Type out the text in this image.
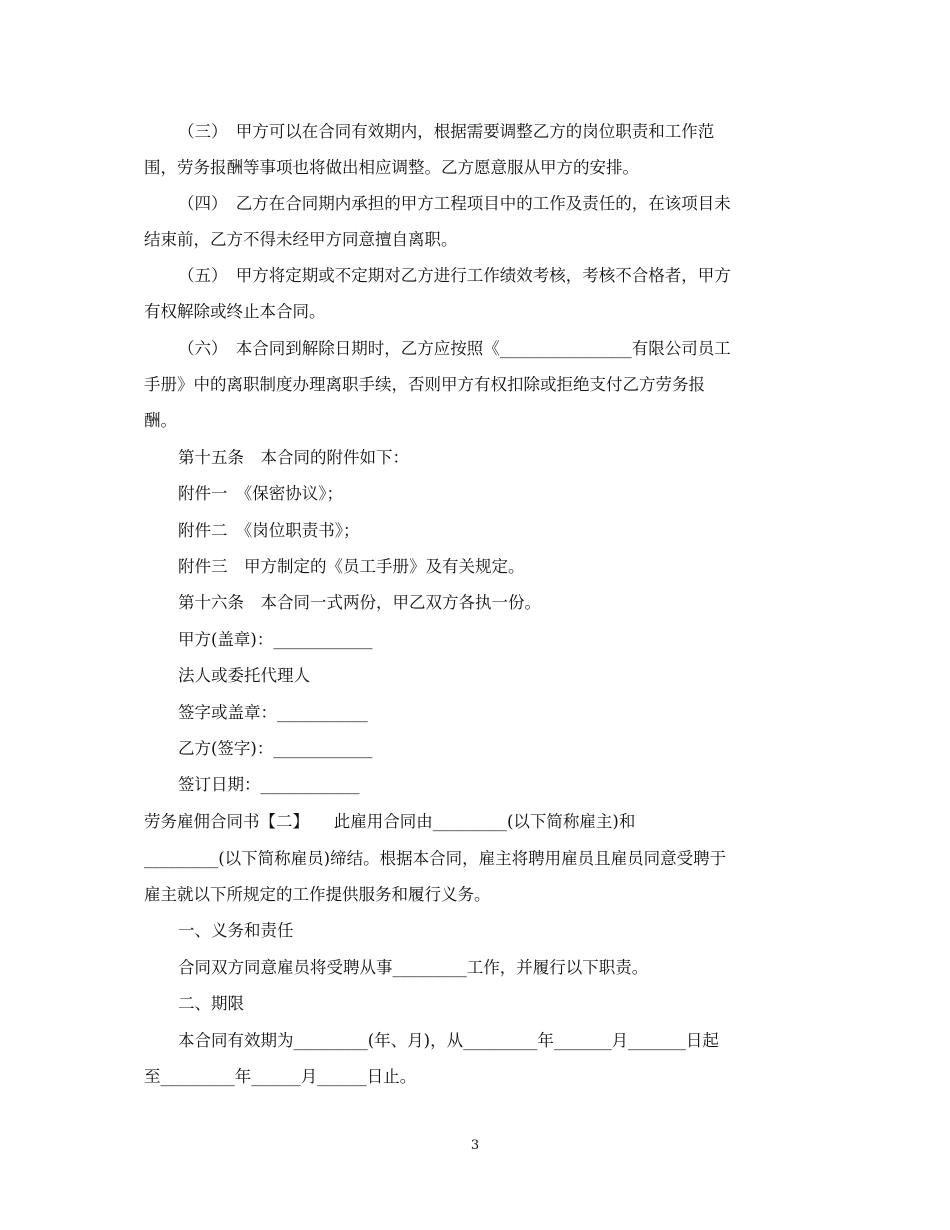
（三）　甲方可以在合同有效期内，根据需要调整乙方的岗位职责和工作范
围，劳务报酬等事项也将做出相应调整。乙方愿意服从甲方的安排。
（四）　乙方在合同期内承担的甲方工程项目中的工作及责任的，在该项目未
结束前，乙方不得未经甲方同意擅自离职。
（五）　甲方将定期或不定期对乙方进行工作绩效考核，考核不合格者，甲方
有权解除或终止本合同。
（六）　本合同到解除日期时，乙方应按照《________________有限公司员工
手册》中的离职制度办理离职手续，否则甲方有权扣除或拒绝支付乙方劳务报
酬。
第十五条　本合同的附件如下：
附件一　《保密协议》；
附件二　《岗位职责书》；
附件三　甲方制定的《员工手册》及有关规定。
第十六条　本合同一式两份，甲乙双方各执一份。
甲方(盖章)：____________
法人或委托代理人
签字或盖章：___________
乙方(签字)：____________
签订日期：____________
劳务雇佣合同书【二】　　此雇用合同由_________(以下简称雇主)和
_________(以下简称雇员)缔结。根据本合同，雇主将聘用雇员且雇员同意受聘于
雇主就以下所规定的工作提供服务和履行义务。
一、义务和责任
合同双方同意雇员将受聘从事_________工作，并履行以下职责。
二、期限
本合同有效期为_________(年、月)，从_________年_______月_______日起
至_________年______月______日止。
3
